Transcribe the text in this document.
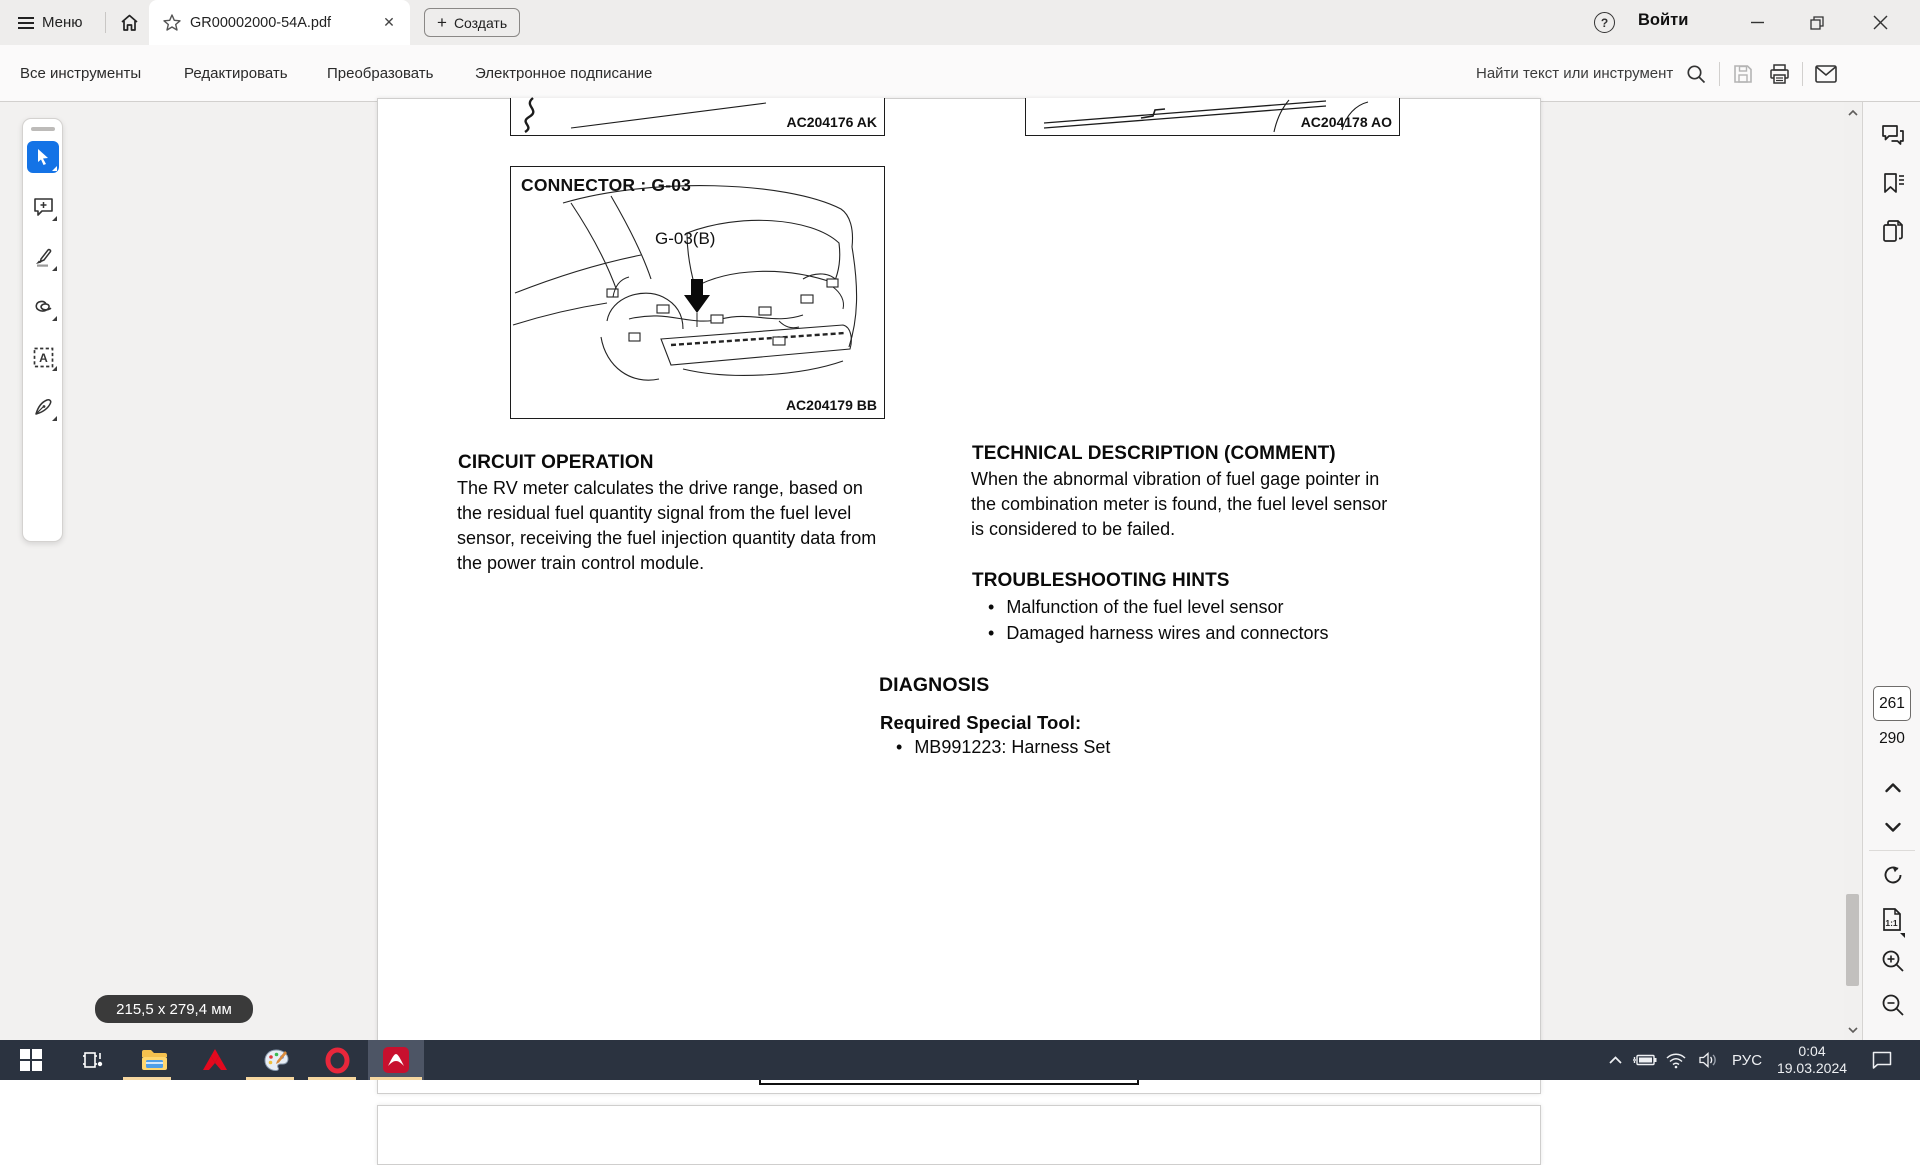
Меню	GR00002000-54A.pdf	✕	+ Создать	?	Войти
Все инструменты	Редактировать	Преобразовать	Электронное подписание	Найти текст или инструмент
AC204176 AK	AC204178 AO
CONNECTOR : G-03
G-03(B)
AC204179 BB
CIRCUIT OPERATION
The RV meter calculates the drive range, based on
the residual fuel quantity signal from the fuel level
sensor, receiving the fuel injection quantity data from
the power train control module.
TECHNICAL DESCRIPTION (COMMENT)
When the abnormal vibration of fuel gage pointer in
the combination meter is found, the fuel level sensor
is considered to be failed.
TROUBLESHOOTING HINTS
• Malfunction of the fuel level sensor
• Damaged harness wires and connectors
DIAGNOSIS
Required Special Tool:
• MB991223: Harness Set
A
215,5 x 279,4 мм
261
290
1:1
РУС
0:04
19.03.2024
